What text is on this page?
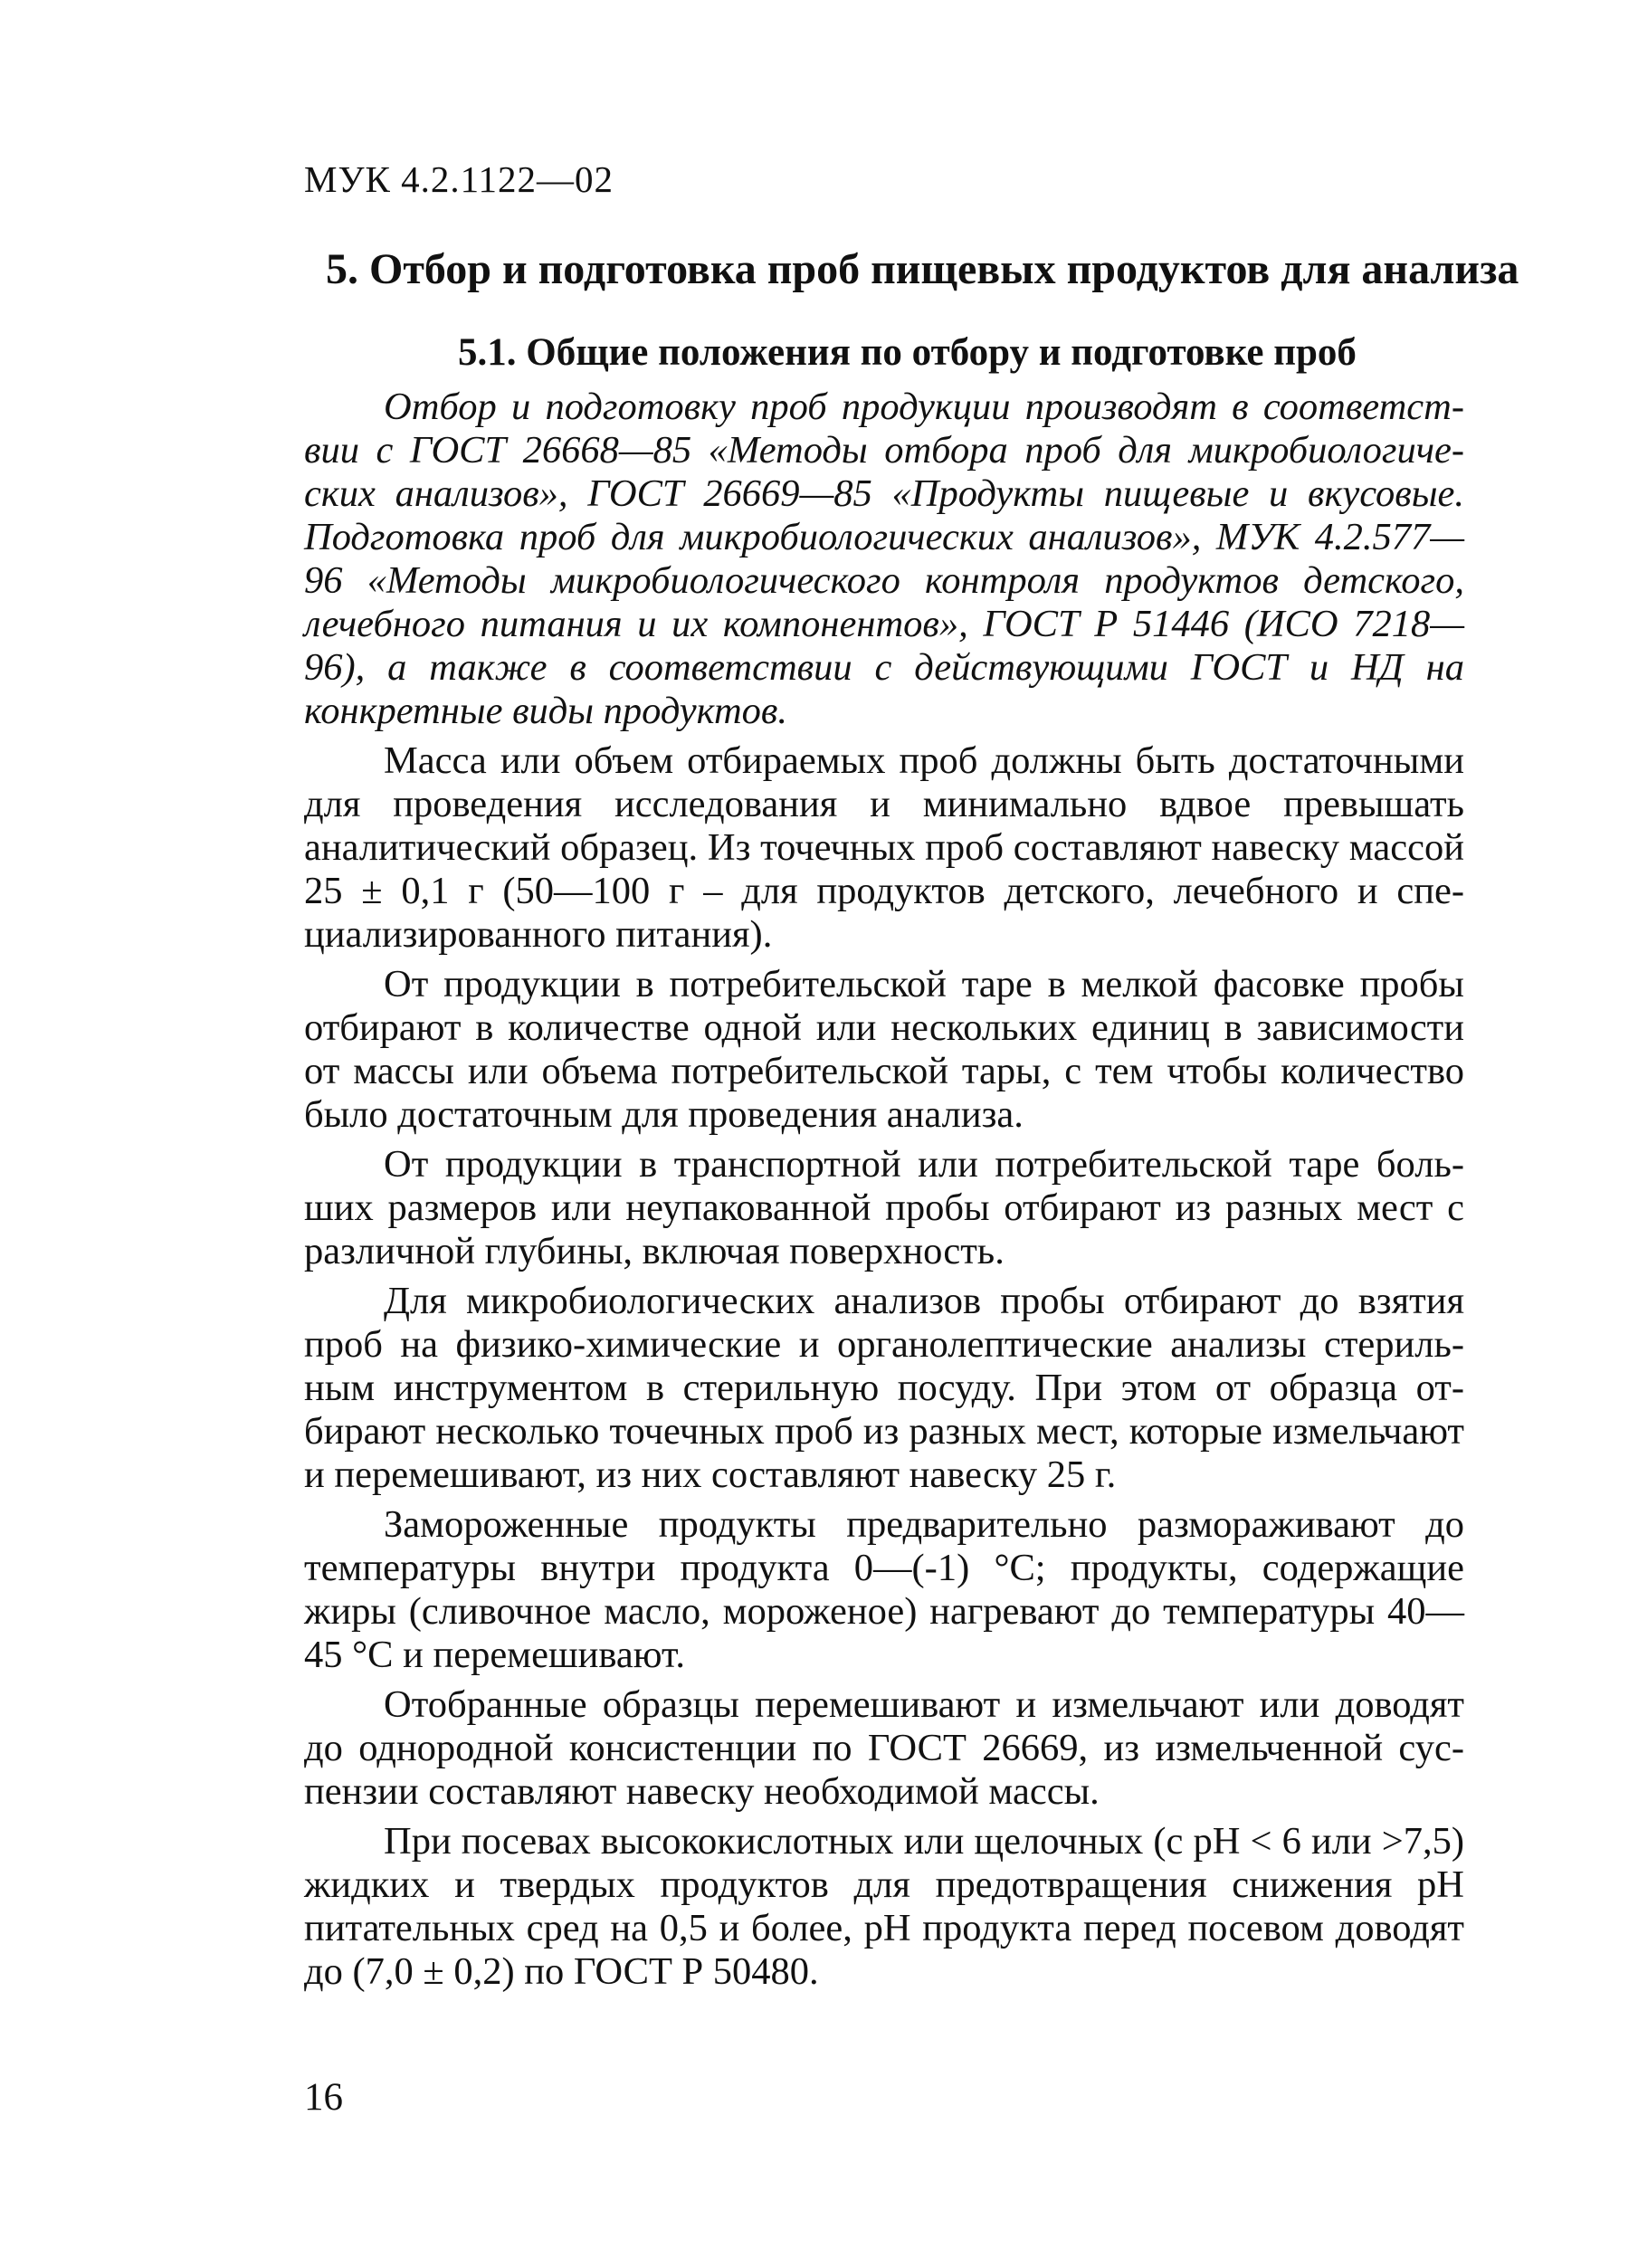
МУК 4.2.1122—02
5. Отбор и подготовка проб пищевых продуктов для анализа
5.1. Общие положения по отбору и подготовке проб

Отбор и подготовку проб продукции производят в соответствии с ГОСТ 26668—85 «Методы отбора проб для микробиологических анализов», ГОСТ 26669—85 «Продукты пищевые и вкусовые. Подготовка проб для микробиологических анализов», МУК 4.2.577—96 «Методы микробиологического контроля продуктов детского, лечебного питания и их компонентов», ГОСТ Р 51446 (ИСО 7218—96), а также в соответствии с действующими ГОСТ и НД на конкретные виды продуктов.

Масса или объем отбираемых проб должны быть достаточными для проведения исследования и минимально вдвое превышать аналитический образец. Из точечных проб составляют навеску массой 25 ± 0,1 г (50—100 г – для продуктов детского, лечебного и специализированного питания).

От продукции в потребительской таре в мелкой фасовке пробы отбирают в количестве одной или нескольких единиц в зависимости от массы или объема потребительской тары, с тем чтобы количество было достаточным для проведения анализа.

От продукции в транспортной или потребительской таре больших размеров или неупакованной пробы отбирают из разных мест с различной глубины, включая поверхность.

Для микробиологических анализов пробы отбирают до взятия проб на физико-химические и органолептические анализы стерильным инструментом в стерильную посуду. При этом от образца отбирают несколько точечных проб из разных мест, которые измельчают и перемешивают, из них составляют навеску 25 г.

Замороженные продукты предварительно размораживают до температуры внутри продукта 0—(-1) °С; продукты, содержащие жиры (сливочное масло, мороженое) нагревают до температуры 40—45 °С и перемешивают.

Отобранные образцы перемешивают и измельчают или доводят до однородной консистенции по ГОСТ 26669, из измельченной суспензии составляют навеску необходимой массы.

При посевах высококислотных или щелочных (с рН < 6 или >7,5) жидких и твердых продуктов для предотвращения снижения рН питательных сред на 0,5 и более, рН продукта перед посевом доводят до (7,0 ± 0,2) по ГОСТ Р 50480.

16
